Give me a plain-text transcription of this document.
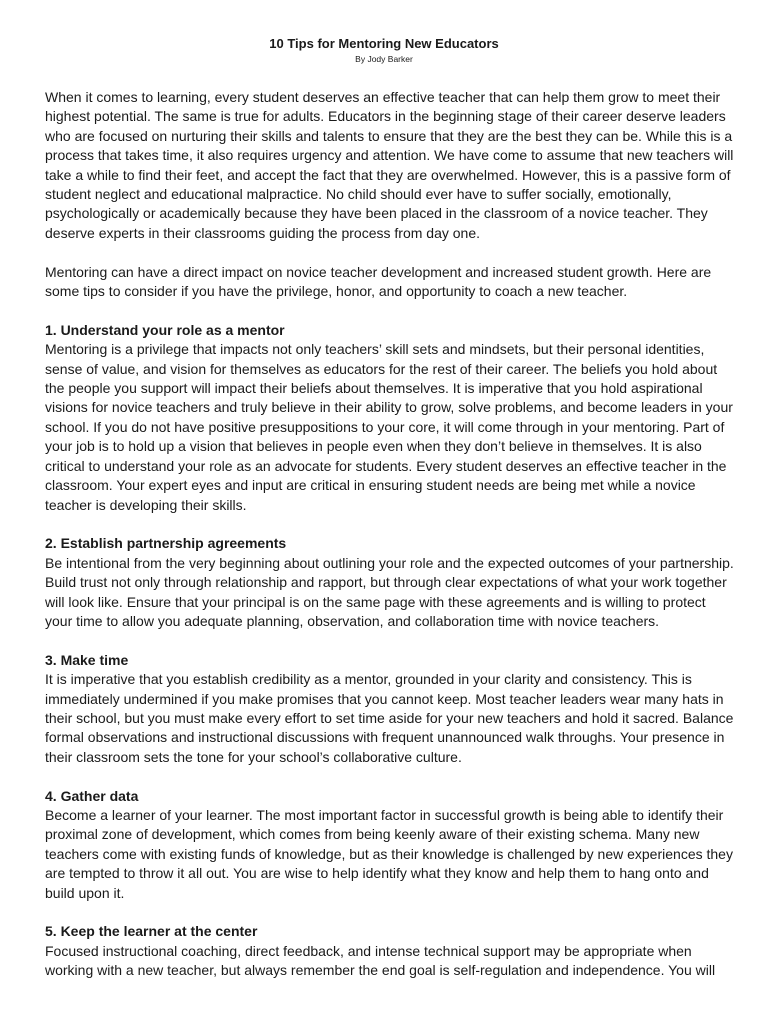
10 Tips for Mentoring New Educators
By Jody Barker

When it comes to learning, every student deserves an effective teacher that can help them grow to meet their highest potential. The same is true for adults. Educators in the beginning stage of their career deserve leaders who are focused on nurturing their skills and talents to ensure that they are the best they can be. While this is a process that takes time, it also requires urgency and attention. We have come to assume that new teachers will take a while to find their feet, and accept the fact that they are overwhelmed. However, this is a passive form of student neglect and educational malpractice. No child should ever have to suffer socially, emotionally, psychologically or academically because they have been placed in the classroom of a novice teacher. They deserve experts in their classrooms guiding the process from day one.

Mentoring can have a direct impact on novice teacher development and increased student growth. Here are some tips to consider if you have the privilege, honor, and opportunity to coach a new teacher.

1. Understand your role as a mentor

Mentoring is a privilege that impacts not only teachers’ skill sets and mindsets, but their personal identities, sense of value, and vision for themselves as educators for the rest of their career. The beliefs you hold about the people you support will impact their beliefs about themselves. It is imperative that you hold aspirational visions for novice teachers and truly believe in their ability to grow, solve problems, and become leaders in your school. If you do not have positive presuppositions to your core, it will come through in your mentoring. Part of your job is to hold up a vision that believes in people even when they don’t believe in themselves. It is also critical to understand your role as an advocate for students. Every student deserves an effective teacher in the classroom. Your expert eyes and input are critical in ensuring student needs are being met while a novice teacher is developing their skills.

2. Establish partnership agreements

Be intentional from the very beginning about outlining your role and the expected outcomes of your partnership. Build trust not only through relationship and rapport, but through clear expectations of what your work together will look like. Ensure that your principal is on the same page with these agreements and is willing to protect your time to allow you adequate planning, observation, and collaboration time with novice teachers.

3. Make time

It is imperative that you establish credibility as a mentor, grounded in your clarity and consistency. This is immediately undermined if you make promises that you cannot keep. Most teacher leaders wear many hats in their school, but you must make every effort to set time aside for your new teachers and hold it sacred. Balance formal observations and instructional discussions with frequent unannounced walk throughs. Your presence in their classroom sets the tone for your school’s collaborative culture.

4. Gather data

Become a learner of your learner. The most important factor in successful growth is being able to identify their proximal zone of development, which comes from being keenly aware of their existing schema. Many new teachers come with existing funds of knowledge, but as their knowledge is challenged by new experiences they are tempted to throw it all out. You are wise to help identify what they know and help them to hang onto and build upon it.

5. Keep the learner at the center

Focused instructional coaching, direct feedback, and intense technical support may be appropriate when working with a new teacher, but always remember the end goal is self-regulation and independence. You will
